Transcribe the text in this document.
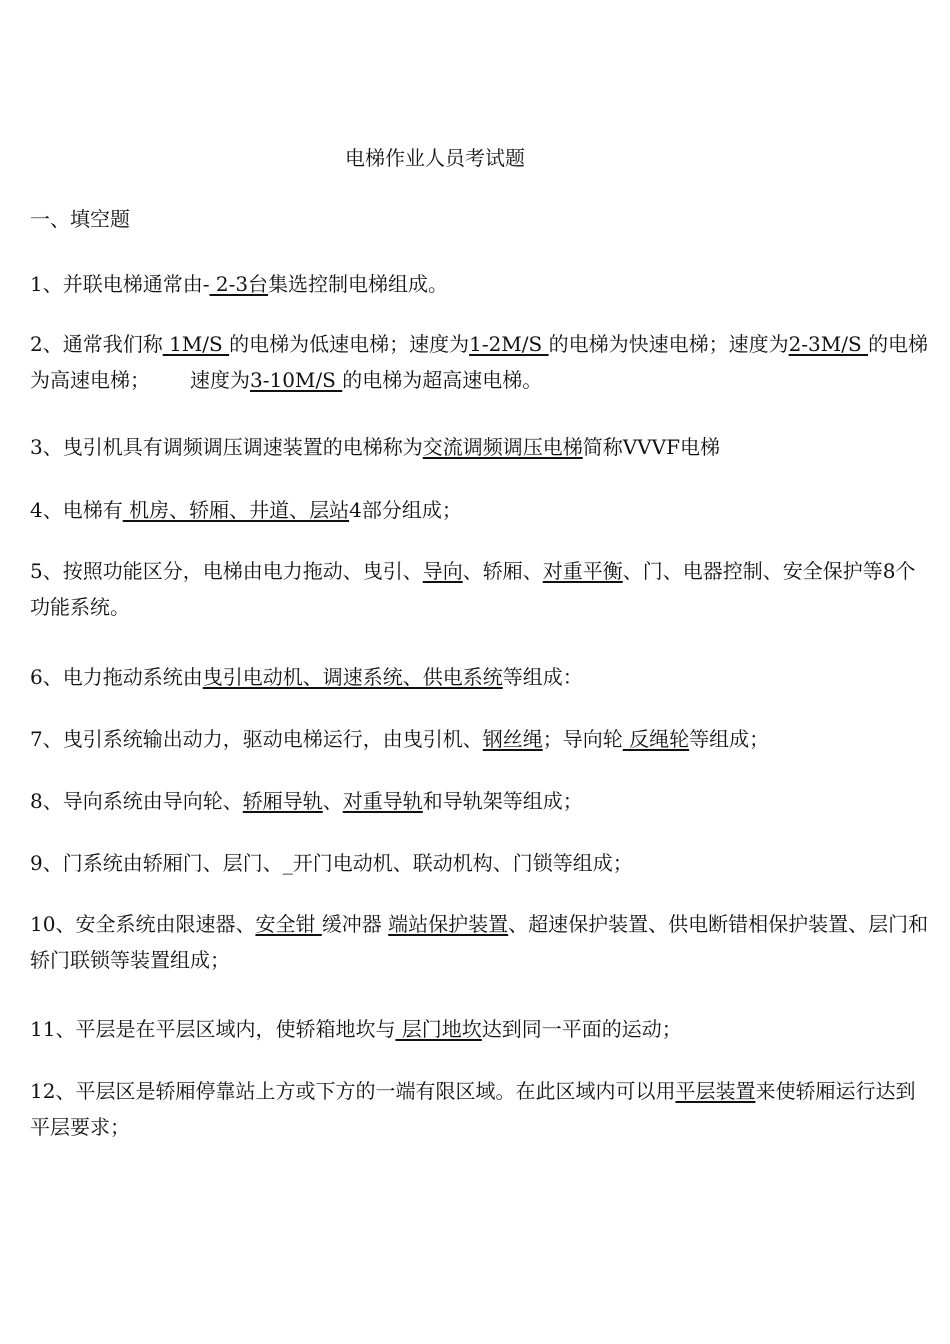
电梯作业人员考试题
一、填空题
1、并联电梯通常由- 2-3台集选控制电梯组成。
2、通常我们称 1M/S 的电梯为低速电梯；速度为1-2M/S 的电梯为快速电梯；速度为2-3M/S 的电梯为高速电梯； 速度为3-10M/S 的电梯为超高速电梯。
3、曳引机具有调频调压调速装置的电梯称为交流调频调压电梯简称VVVF电梯
4、电梯有 机房、轿厢、井道、层站4部分组成；
5、按照功能区分，电梯由电力拖动、曳引、导向、轿厢、对重平衡、门、电器控制、安全保护等8个功能系统。
6、电力拖动系统由曳引电动机、调速系统、供电系统等组成：
7、曳引系统输出动力，驱动电梯运行，由曳引机、钢丝绳；导向轮 反绳轮等组成；
8、导向系统由导向轮、轿厢导轨、对重导轨和导轨架等组成；
9、门系统由轿厢门、层门、_开门电动机、联动机构、门锁等组成；
10、安全系统由限速器、安全钳 缓冲器 端站保护装置、超速保护装置、供电断错相保护装置、层门和轿门联锁等装置组成；
11、平层是在平层区域内，使轿箱地坎与 层门地坎达到同一平面的运动；
12、平层区是轿厢停靠站上方或下方的一端有限区域。在此区域内可以用平层装置来使轿厢运行达到平层要求；
